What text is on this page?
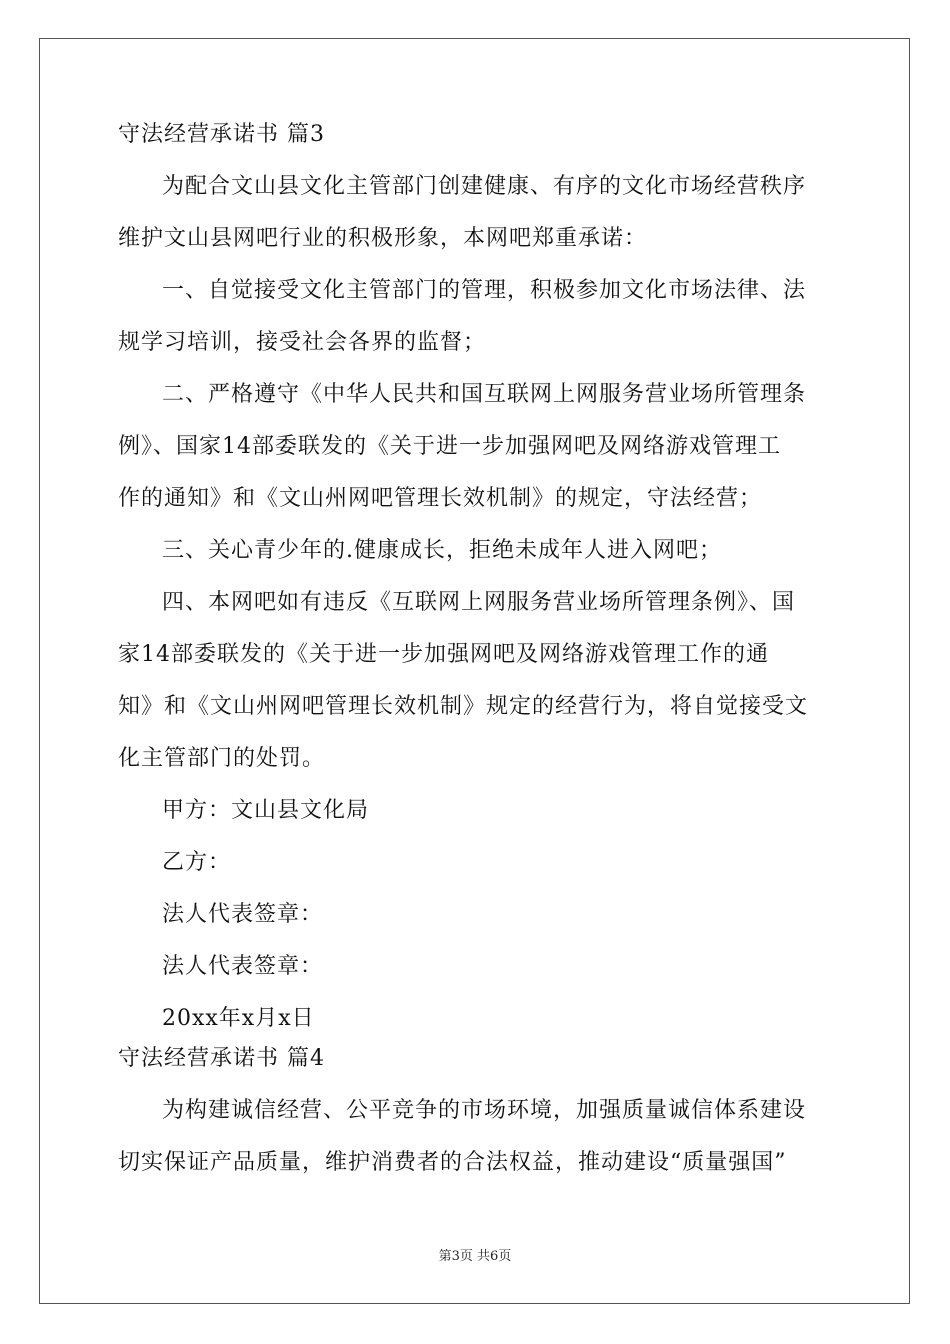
守法经营承诺书 篇3
为配合文山县文化主管部门创建健康、有序的文化市场经营秩序
维护文山县网吧行业的积极形象，本网吧郑重承诺：
一、自觉接受文化主管部门的管理，积极参加文化市场法律、法
规学习培训，接受社会各界的监督；
二、严格遵守《中华人民共和国互联网上网服务营业场所管理条
例》、国家14部委联发的《关于进一步加强网吧及网络游戏管理工
作的通知》和《文山州网吧管理长效机制》的规定，守法经营；
三、关心青少年的.健康成长，拒绝未成年人进入网吧；
四、本网吧如有违反《互联网上网服务营业场所管理条例》、国
家14部委联发的《关于进一步加强网吧及网络游戏管理工作的通
知》和《文山州网吧管理长效机制》规定的经营行为，将自觉接受文
化主管部门的处罚。
甲方：文山县文化局
乙方：
法人代表签章：
法人代表签章：
20xx年x月x日
守法经营承诺书 篇4
为构建诚信经营、公平竞争的市场环境，加强质量诚信体系建设
切实保证产品质量，维护消费者的合法权益，推动建设“质量强国”
第3页 共6页
